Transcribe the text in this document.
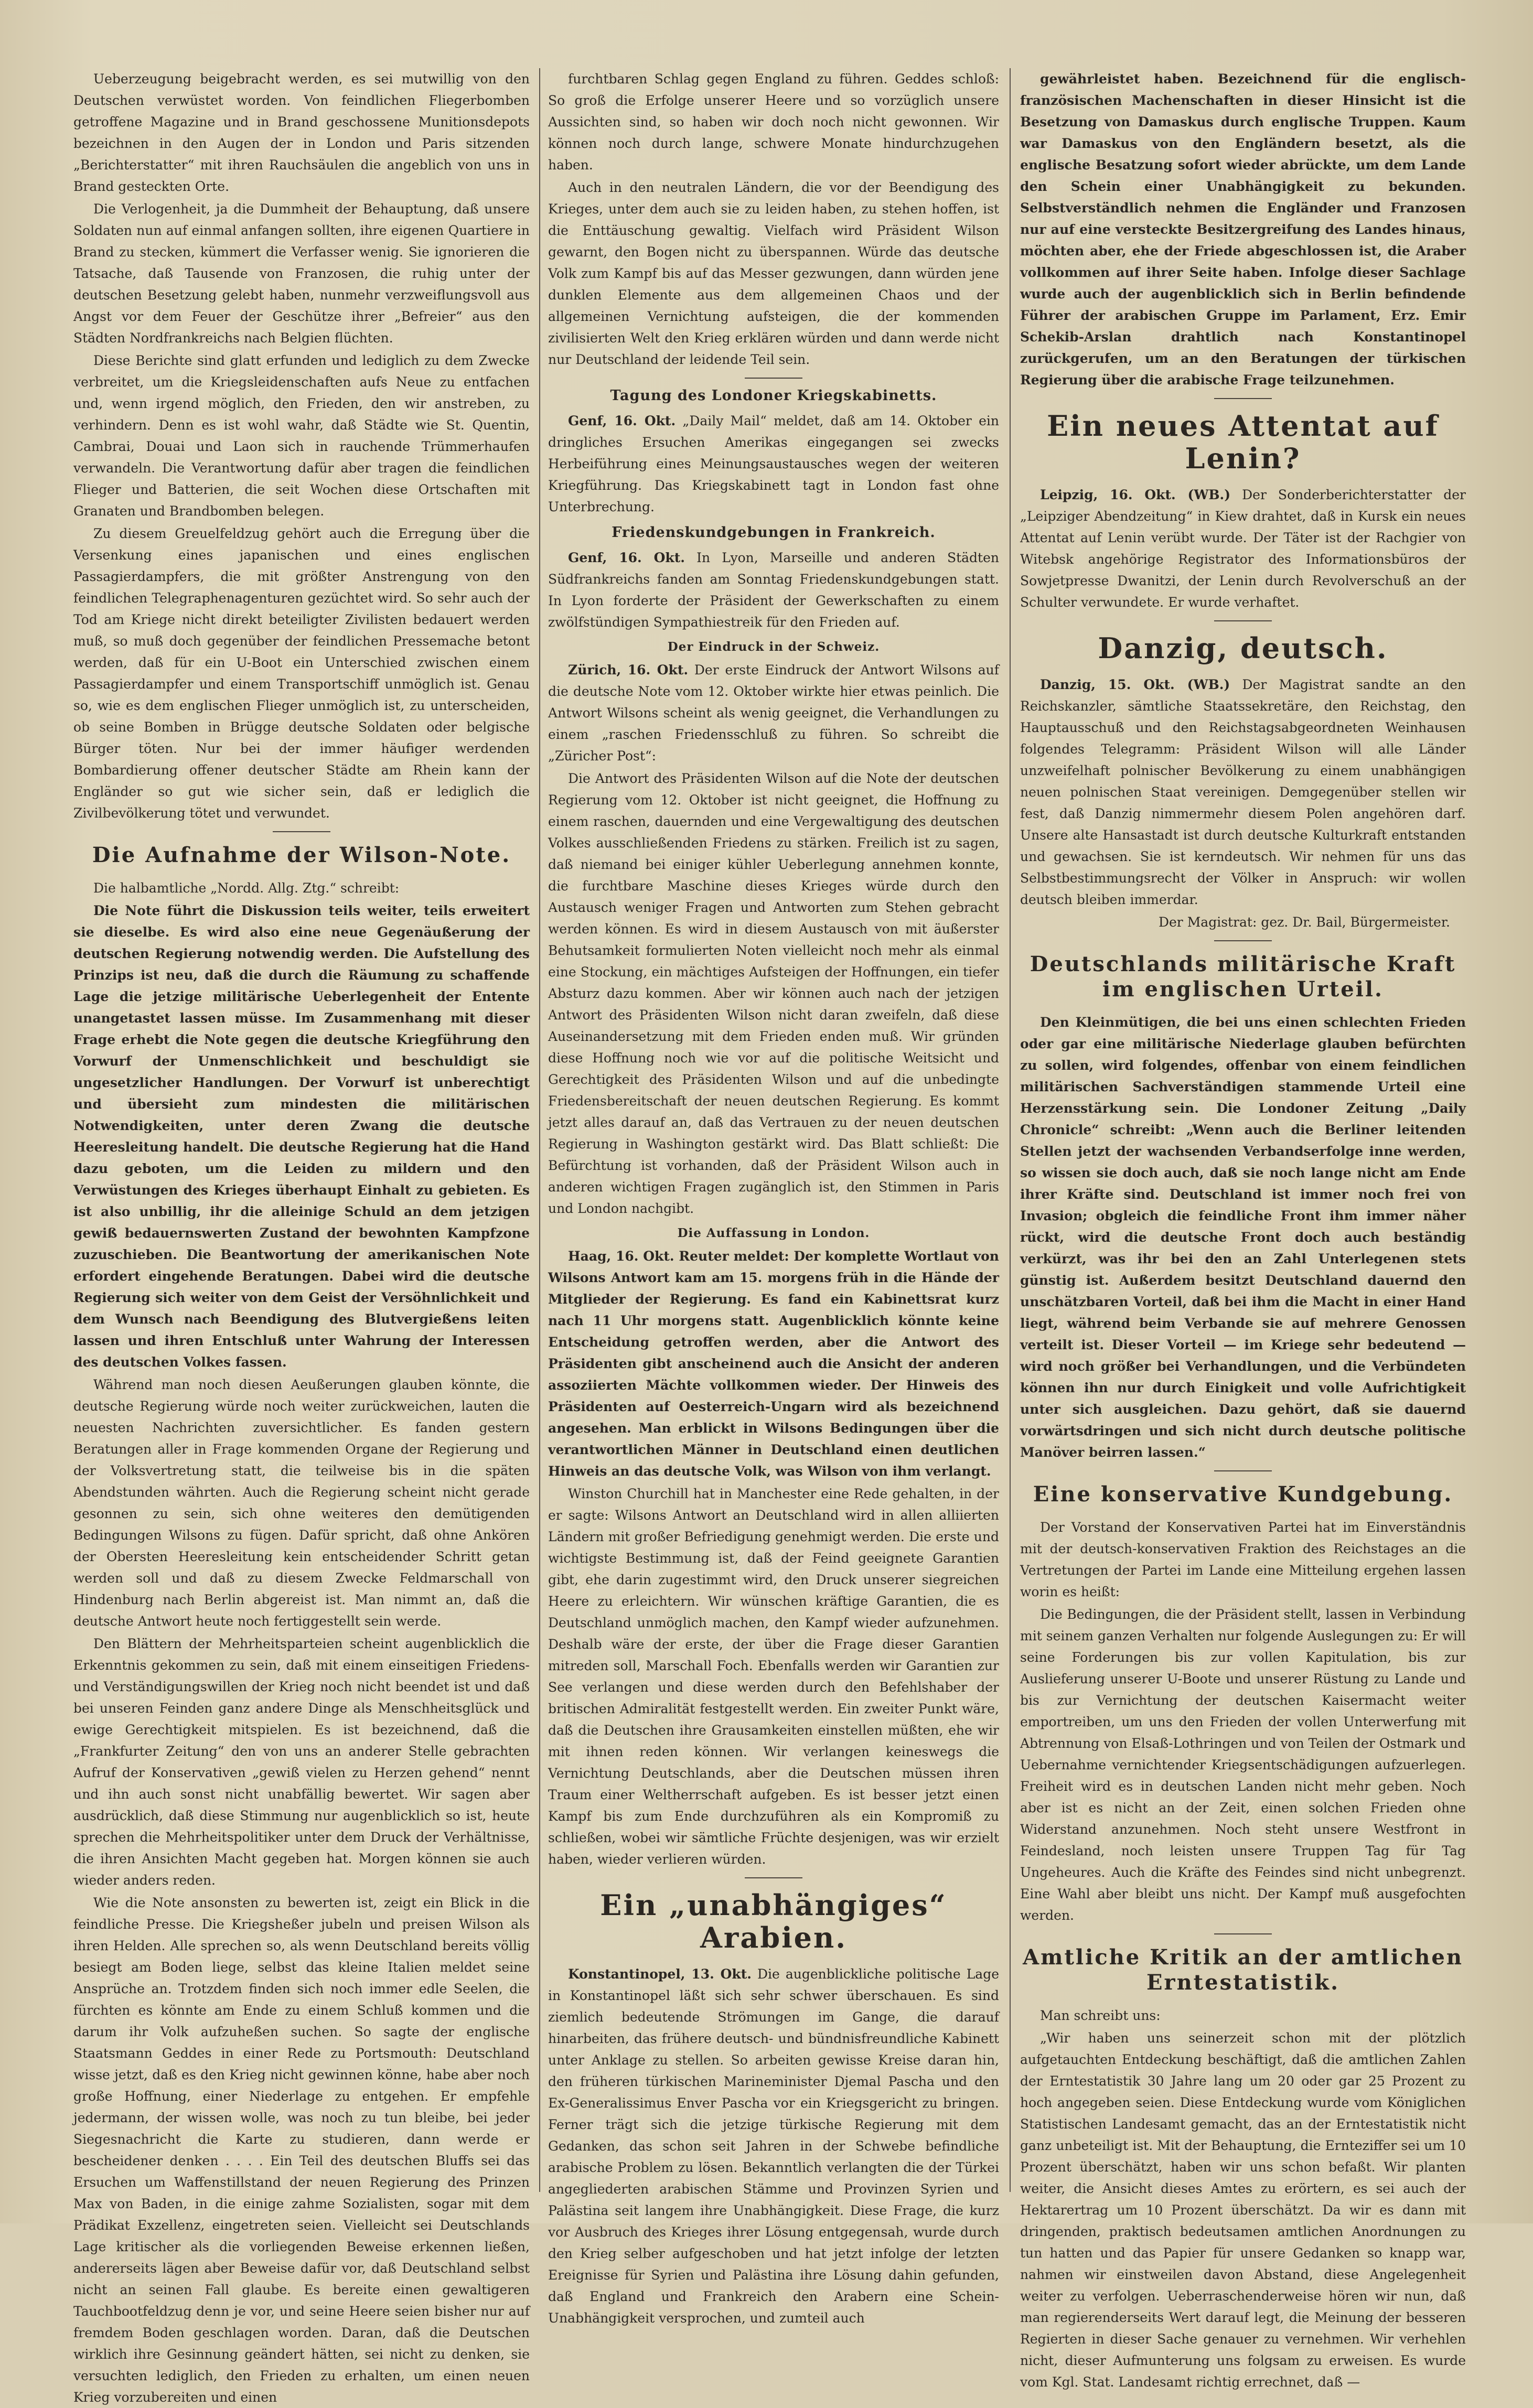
Ueberzeugung beigebracht werden, es sei mutwillig von den Deutschen verwüstet worden. Von feindlichen Fliegerbomben getroffene Magazine und in Brand geschossene Munitionsdepots bezeichnen in den Augen der in London und Paris sitzenden „Berichterstatter“ mit ihren Rauchsäulen die angeblich von uns in Brand gesteckten Orte.

Die Verlogenheit, ja die Dummheit der Behauptung, daß unsere Soldaten nun auf einmal anfangen sollten, ihre eigenen Quartiere in Brand zu stecken, kümmert die Verfasser wenig. Sie ignorieren die Tatsache, daß Tausende von Franzosen, die ruhig unter der deutschen Besetzung gelebt haben, nunmehr verzweiflungsvoll aus Angst vor dem Feuer der Geschütze ihrer „Befreier“ aus den Städten Nordfrankreichs nach Belgien flüchten.

Diese Berichte sind glatt erfunden und lediglich zu dem Zwecke verbreitet, um die Kriegsleidenschaften aufs Neue zu entfachen und, wenn irgend möglich, den Frieden, den wir anstreben, zu verhindern. Denn es ist wohl wahr, daß Städte wie St. Quentin, Cambrai, Douai und Laon sich in rauchende Trümmerhaufen verwandeln. Die Verantwortung dafür aber tragen die feindlichen Flieger und Batterien, die seit Wochen diese Ortschaften mit Granaten und Brandbomben belegen.

Zu diesem Greuelfeldzug gehört auch die Erregung über die Versenkung eines japanischen und eines englischen Passagierdampfers, die mit größter Anstrengung von den feindlichen Telegraphenagenturen gezüchtet wird. So sehr auch der Tod am Kriege nicht direkt beteiligter Zivilisten bedauert werden muß, so muß doch gegenüber der feindlichen Pressemache betont werden, daß für ein U-Boot ein Unterschied zwischen einem Passagierdampfer und einem Transportschiff unmöglich ist. Genau so, wie es dem englischen Flieger unmöglich ist, zu unterscheiden, ob seine Bomben in Brügge deutsche Soldaten oder belgische Bürger töten. Nur bei der immer häufiger werdenden Bombardierung offener deutscher Städte am Rhein kann der Engländer so gut wie sicher sein, daß er lediglich die Zivilbevölkerung tötet und verwundet.

Die Aufnahme der Wilson-Note.

Die halbamtliche „Nordd. Allg. Ztg.“ schreibt:

Die Note führt die Diskussion teils weiter, teils erweitert sie dieselbe. Es wird also eine neue Gegenäußerung der deutschen Regierung notwendig werden. Die Aufstellung des Prinzips ist neu, daß die durch die Räumung zu schaffende Lage die jetzige militärische Ueberlegenheit der Entente unangetastet lassen müsse. Im Zusammenhang mit dieser Frage erhebt die Note gegen die deutsche Kriegführung den Vorwurf der Unmenschlichkeit und beschuldigt sie ungesetzlicher Handlungen. Der Vorwurf ist unberechtigt und übersieht zum mindesten die militärischen Notwendigkeiten, unter deren Zwang die deutsche Heeresleitung handelt. Die deutsche Regierung hat die Hand dazu geboten, um die Leiden zu mildern und den Verwüstungen des Krieges überhaupt Einhalt zu gebieten. Es ist also unbillig, ihr die alleinige Schuld an dem jetzigen gewiß bedauernswerten Zustand der bewohnten Kampfzone zuzuschieben. Die Beantwortung der amerikanischen Note erfordert eingehende Beratungen. Dabei wird die deutsche Regierung sich weiter von dem Geist der Versöhnlichkeit und dem Wunsch nach Beendigung des Blutvergießens leiten lassen und ihren Entschluß unter Wahrung der Interessen des deutschen Volkes fassen.

Während man noch diesen Aeußerungen glauben könnte, die deutsche Regierung würde noch weiter zurückweichen, lauten die neuesten Nachrichten zuversichtlicher. Es fanden gestern Beratungen aller in Frage kommenden Organe der Regierung und der Volksvertretung statt, die teilweise bis in die späten Abendstunden währten. Auch die Regierung scheint nicht gerade gesonnen zu sein, sich ohne weiteres den demütigenden Bedingungen Wilsons zu fügen. Dafür spricht, daß ohne Ankören der Obersten Heeresleitung kein entscheidender Schritt getan werden soll und daß zu diesem Zwecke Feldmarschall von Hindenburg nach Berlin abgereist ist. Man nimmt an, daß die deutsche Antwort heute noch fertiggestellt sein werde.

Den Blättern der Mehrheitsparteien scheint augenblicklich die Erkenntnis gekommen zu sein, daß mit einem einseitigen Friedens- und Verständigungswillen der Krieg noch nicht beendet ist und daß bei unseren Feinden ganz andere Dinge als Menschheitsglück und ewige Gerechtigkeit mitspielen. Es ist bezeichnend, daß die „Frankfurter Zeitung“ den von uns an anderer Stelle gebrachten Aufruf der Konservativen „gewiß vielen zu Herzen gehend“ nennt und ihn auch sonst nicht unabfällig bewertet. Wir sagen aber ausdrücklich, daß diese Stimmung nur augenblicklich so ist, heute sprechen die Mehrheitspolitiker unter dem Druck der Verhältnisse, die ihren Ansichten Macht gegeben hat. Morgen können sie auch wieder anders reden.

Wie die Note ansonsten zu bewerten ist, zeigt ein Blick in die feindliche Presse. Die Kriegsheßer jubeln und preisen Wilson als ihren Helden. Alle sprechen so, als wenn Deutschland bereits völlig besiegt am Boden liege, selbst das kleine Italien meldet seine Ansprüche an. Trotzdem finden sich noch immer edle Seelen, die fürchten es könnte am Ende zu einem Schluß kommen und die darum ihr Volk aufzuheßen suchen. So sagte der englische Staatsmann Geddes in einer Rede zu Portsmouth: Deutschland wisse jetzt, daß es den Krieg nicht gewinnen könne, habe aber noch große Hoffnung, einer Niederlage zu entgehen. Er empfehle jedermann, der wissen wolle, was noch zu tun bleibe, bei jeder Siegesnachricht die Karte zu studieren, dann werde er bescheidener denken . . . . Ein Teil des deutschen Bluffs sei das Ersuchen um Waffenstillstand der neuen Regierung des Prinzen Max von Baden, in die einige zahme Sozialisten, sogar mit dem Prädikat Exzellenz, eingetreten seien. Vielleicht sei Deutschlands Lage kritischer als die vorliegenden Beweise erkennen ließen, andererseits lägen aber Beweise dafür vor, daß Deutschland selbst nicht an seinen Fall glaube. Es bereite einen gewaltigeren Tauchbootfeldzug denn je vor, und seine Heere seien bisher nur auf fremdem Boden geschlagen worden. Daran, daß die Deutschen wirklich ihre Gesinnung geändert hätten, sei nicht zu denken, sie versuchten lediglich, den Frieden zu erhalten, um einen neuen Krieg vorzubereiten und einen

furchtbaren Schlag gegen England zu führen. Geddes schloß: So groß die Erfolge unserer Heere und so vorzüglich unsere Aussichten sind, so haben wir doch noch nicht gewonnen. Wir können noch durch lange, schwere Monate hindurchzugehen haben.

Auch in den neutralen Ländern, die vor der Beendigung des Krieges, unter dem auch sie zu leiden haben, zu stehen hoffen, ist die Enttäuschung gewaltig. Vielfach wird Präsident Wilson gewarnt, den Bogen nicht zu überspannen. Würde das deutsche Volk zum Kampf bis auf das Messer gezwungen, dann würden jene dunklen Elemente aus dem allgemeinen Chaos und der allgemeinen Vernichtung aufsteigen, die der kommenden zivilisierten Welt den Krieg erklären würden und dann werde nicht nur Deutschland der leidende Teil sein.

Tagung des Londoner Kriegskabinetts.

Genf, 16. Okt. „Daily Mail“ meldet, daß am 14. Oktober ein dringliches Ersuchen Amerikas eingegangen sei zwecks Herbeiführung eines Meinungsaustausches wegen der weiteren Kriegführung. Das Kriegskabinett tagt in London fast ohne Unterbrechung.

Friedenskundgebungen in Frankreich.

Genf, 16. Okt. In Lyon, Marseille und anderen Städten Südfrankreichs fanden am Sonntag Friedenskundgebungen statt. In Lyon forderte der Präsident der Gewerkschaften zu einem zwölfstündigen Sympathiestreik für den Frieden auf.

Der Eindruck in der Schweiz.

Zürich, 16. Okt. Der erste Eindruck der Antwort Wilsons auf die deutsche Note vom 12. Oktober wirkte hier etwas peinlich. Die Antwort Wilsons scheint als wenig geeignet, die Verhandlungen zu einem „raschen Friedensschluß zu führen. So schreibt die „Züricher Post“:

Die Antwort des Präsidenten Wilson auf die Note der deutschen Regierung vom 12. Oktober ist nicht geeignet, die Hoffnung zu einem raschen, dauernden und eine Vergewaltigung des deutschen Volkes ausschließenden Friedens zu stärken. Freilich ist zu sagen, daß niemand bei einiger kühler Ueberlegung annehmen konnte, die furchtbare Maschine dieses Krieges würde durch den Austausch weniger Fragen und Antworten zum Stehen gebracht werden können. Es wird in diesem Austausch von mit äußerster Behutsamkeit formulierten Noten vielleicht noch mehr als einmal eine Stockung, ein mächtiges Aufsteigen der Hoffnungen, ein tiefer Absturz dazu kommen. Aber wir können auch nach der jetzigen Antwort des Präsidenten Wilson nicht daran zweifeln, daß diese Auseinandersetzung mit dem Frieden enden muß. Wir gründen diese Hoffnung noch wie vor auf die politische Weitsicht und Gerechtigkeit des Präsidenten Wilson und auf die unbedingte Friedensbereitschaft der neuen deutschen Regierung. Es kommt jetzt alles darauf an, daß das Vertrauen zu der neuen deutschen Regierung in Washington gestärkt wird. Das Blatt schließt: Die Befürchtung ist vorhanden, daß der Präsident Wilson auch in anderen wichtigen Fragen zugänglich ist, den Stimmen in Paris und London nachgibt.

Die Auffassung in London.

Haag, 16. Okt. Reuter meldet: Der komplette Wortlaut von Wilsons Antwort kam am 15. morgens früh in die Hände der Mitglieder der Regierung. Es fand ein Kabinettsrat kurz nach 11 Uhr morgens statt. Augenblicklich könnte keine Entscheidung getroffen werden, aber die Antwort des Präsidenten gibt anscheinend auch die Ansicht der anderen assoziierten Mächte vollkommen wieder. Der Hinweis des Präsidenten auf Oesterreich-Ungarn wird als bezeichnend angesehen. Man erblickt in Wilsons Bedingungen über die verantwortlichen Männer in Deutschland einen deutlichen Hinweis an das deutsche Volk, was Wilson von ihm verlangt.

Winston Churchill hat in Manchester eine Rede gehalten, in der er sagte: Wilsons Antwort an Deutschland wird in allen alliierten Ländern mit großer Befriedigung genehmigt werden. Die erste und wichtigste Bestimmung ist, daß der Feind geeignete Garantien gibt, ehe darin zugestimmt wird, den Druck unserer siegreichen Heere zu erleichtern. Wir wünschen kräftige Garantien, die es Deutschland unmöglich machen, den Kampf wieder aufzunehmen. Deshalb wäre der erste, der über die Frage dieser Garantien mitreden soll, Marschall Foch. Ebenfalls werden wir Garantien zur See verlangen und diese werden durch den Befehlshaber der britischen Admiralität festgestellt werden. Ein zweiter Punkt wäre, daß die Deutschen ihre Grausamkeiten einstellen müßten, ehe wir mit ihnen reden können. Wir verlangen keineswegs die Vernichtung Deutschlands, aber die Deutschen müssen ihren Traum einer Weltherrschaft aufgeben. Es ist besser jetzt einen Kampf bis zum Ende durchzuführen als ein Kompromiß zu schließen, wobei wir sämtliche Früchte desjenigen, was wir erzielt haben, wieder verlieren würden.

Ein „unabhängiges“ Arabien.

Konstantinopel, 13. Okt. Die augenblickliche politische Lage in Konstantinopel läßt sich sehr schwer überschauen. Es sind ziemlich bedeutende Strömungen im Gange, die darauf hinarbeiten, das frühere deutsch- und bündnisfreundliche Kabinett unter Anklage zu stellen. So arbeiten gewisse Kreise daran hin, den früheren türkischen Marineminister Djemal Pascha und den Ex-Generalissimus Enver Pascha vor ein Kriegsgericht zu bringen. Ferner trägt sich die jetzige türkische Regierung mit dem Gedanken, das schon seit Jahren in der Schwebe befindliche arabische Problem zu lösen. Bekanntlich verlangten die der Türkei angegliederten arabischen Stämme und Provinzen Syrien und Palästina seit langem ihre Unabhängigkeit. Diese Frage, die kurz vor Ausbruch des Krieges ihrer Lösung entgegensah, wurde durch den Krieg selber aufgeschoben und hat jetzt infolge der letzten Ereignisse für Syrien und Palästina ihre Lösung dahin gefunden, daß England und Frankreich den Arabern eine Schein-Unabhängigkeit versprochen, und zumteil auch

gewährleistet haben. Bezeichnend für die englisch-französischen Machenschaften in dieser Hinsicht ist die Besetzung von Damaskus durch englische Truppen. Kaum war Damaskus von den Engländern besetzt, als die englische Besatzung sofort wieder abrückte, um dem Lande den Schein einer Unabhängigkeit zu bekunden. Selbstverständlich nehmen die Engländer und Franzosen nur auf eine versteckte Besitzergreifung des Landes hinaus, möchten aber, ehe der Friede abgeschlossen ist, die Araber vollkommen auf ihrer Seite haben. Infolge dieser Sachlage wurde auch der augenblicklich sich in Berlin befindende Führer der arabischen Gruppe im Parlament, Erz. Emir Schekib-Arslan drahtlich nach Konstantinopel zurückgerufen, um an den Beratungen der türkischen Regierung über die arabische Frage teilzunehmen.

Ein neues Attentat auf Lenin?

Leipzig, 16. Okt. (WB.) Der Sonderberichterstatter der „Leipziger Abendzeitung“ in Kiew drahtet, daß in Kursk ein neues Attentat auf Lenin verübt wurde. Der Täter ist der Rachgier von Witebsk angehörige Registrator des Informationsbüros der Sowjetpresse Dwanitzi, der Lenin durch Revolverschuß an der Schulter verwundete. Er wurde verhaftet.

Danzig, deutsch.

Danzig, 15. Okt. (WB.) Der Magistrat sandte an den Reichskanzler, sämtliche Staatssekretäre, den Reichstag, den Hauptausschuß und den Reichstagsabgeordneten Weinhausen folgendes Telegramm: Präsident Wilson will alle Länder unzweifelhaft polnischer Bevölkerung zu einem unabhängigen neuen polnischen Staat vereinigen. Demgegenüber stellen wir fest, daß Danzig nimmermehr diesem Polen angehören darf. Unsere alte Hansastadt ist durch deutsche Kulturkraft entstanden und gewachsen. Sie ist kerndeutsch. Wir nehmen für uns das Selbstbestimmungsrecht der Völker in Anspruch: wir wollen deutsch bleiben immerdar.

Der Magistrat: gez. Dr. Bail, Bürgermeister.

Deutschlands militärische Kraft im englischen Urteil.

Den Kleinmütigen, die bei uns einen schlechten Frieden oder gar eine militärische Niederlage glauben befürchten zu sollen, wird folgendes, offenbar von einem feindlichen militärischen Sachverständigen stammende Urteil eine Herzensstärkung sein. Die Londoner Zeitung „Daily Chronicle“ schreibt: „Wenn auch die Berliner leitenden Stellen jetzt der wachsenden Verbandserfolge inne werden, so wissen sie doch auch, daß sie noch lange nicht am Ende ihrer Kräfte sind. Deutschland ist immer noch frei von Invasion; obgleich die feindliche Front ihm immer näher rückt, wird die deutsche Front doch auch beständig verkürzt, was ihr bei den an Zahl Unterlegenen stets günstig ist. Außerdem besitzt Deutschland dauernd den unschätzbaren Vorteil, daß bei ihm die Macht in einer Hand liegt, während beim Verbande sie auf mehrere Genossen verteilt ist. Dieser Vorteil — im Kriege sehr bedeutend — wird noch größer bei Verhandlungen, und die Verbündeten können ihn nur durch Einigkeit und volle Aufrichtigkeit unter sich ausgleichen. Dazu gehört, daß sie dauernd vorwärtsdringen und sich nicht durch deutsche politische Manöver beirren lassen.“

Eine konservative Kundgebung.

Der Vorstand der Konservativen Partei hat im Einverständnis mit der deutsch-konservativen Fraktion des Reichstages an die Vertretungen der Partei im Lande eine Mitteilung ergehen lassen worin es heißt:

Die Bedingungen, die der Präsident stellt, lassen in Verbindung mit seinem ganzen Verhalten nur folgende Auslegungen zu: Er will seine Forderungen bis zur vollen Kapitulation, bis zur Auslieferung unserer U-Boote und unserer Rüstung zu Lande und bis zur Vernichtung der deutschen Kaisermacht weiter emportreiben, um uns den Frieden der vollen Unterwerfung mit Abtrennung von Elsaß-Lothringen und von Teilen der Ostmark und Uebernahme vernichtender Kriegsentschädigungen aufzuerlegen. Freiheit wird es in deutschen Landen nicht mehr geben. Noch aber ist es nicht an der Zeit, einen solchen Frieden ohne Widerstand anzunehmen. Noch steht unsere Westfront in Feindesland, noch leisten unsere Truppen Tag für Tag Ungeheures. Auch die Kräfte des Feindes sind nicht unbegrenzt. Eine Wahl aber bleibt uns nicht. Der Kampf muß ausgefochten werden.

Amtliche Kritik an der amtlichen Erntestatistik.

Man schreibt uns:

„Wir haben uns seinerzeit schon mit der plötzlich aufgetauchten Entdeckung beschäftigt, daß die amtlichen Zahlen der Erntestatistik 30 Jahre lang um 20 oder gar 25 Prozent zu hoch angegeben seien. Diese Entdeckung wurde vom Königlichen Statistischen Landesamt gemacht, das an der Erntestatistik nicht ganz unbeteiligt ist. Mit der Behauptung, die Ernteziffer sei um 10 Prozent überschätzt, haben wir uns schon befaßt. Wir planten weiter, die Ansicht dieses Amtes zu erörtern, es sei auch der Hektarertrag um 10 Prozent überschätzt. Da wir es dann mit dringenden, praktisch bedeutsamen amtlichen Anordnungen zu tun hatten und das Papier für unsere Gedanken so knapp war, nahmen wir einstweilen davon Abstand, diese Angelegenheit weiter zu verfolgen. Ueberraschenderweise hören wir nun, daß man regierenderseits Wert darauf legt, die Meinung der besseren Regierten in dieser Sache genauer zu vernehmen. Wir verhehlen nicht, dieser Aufmunterung uns folgsam zu erweisen. Es wurde vom Kgl. Stat. Landesamt richtig errechnet, daß —
